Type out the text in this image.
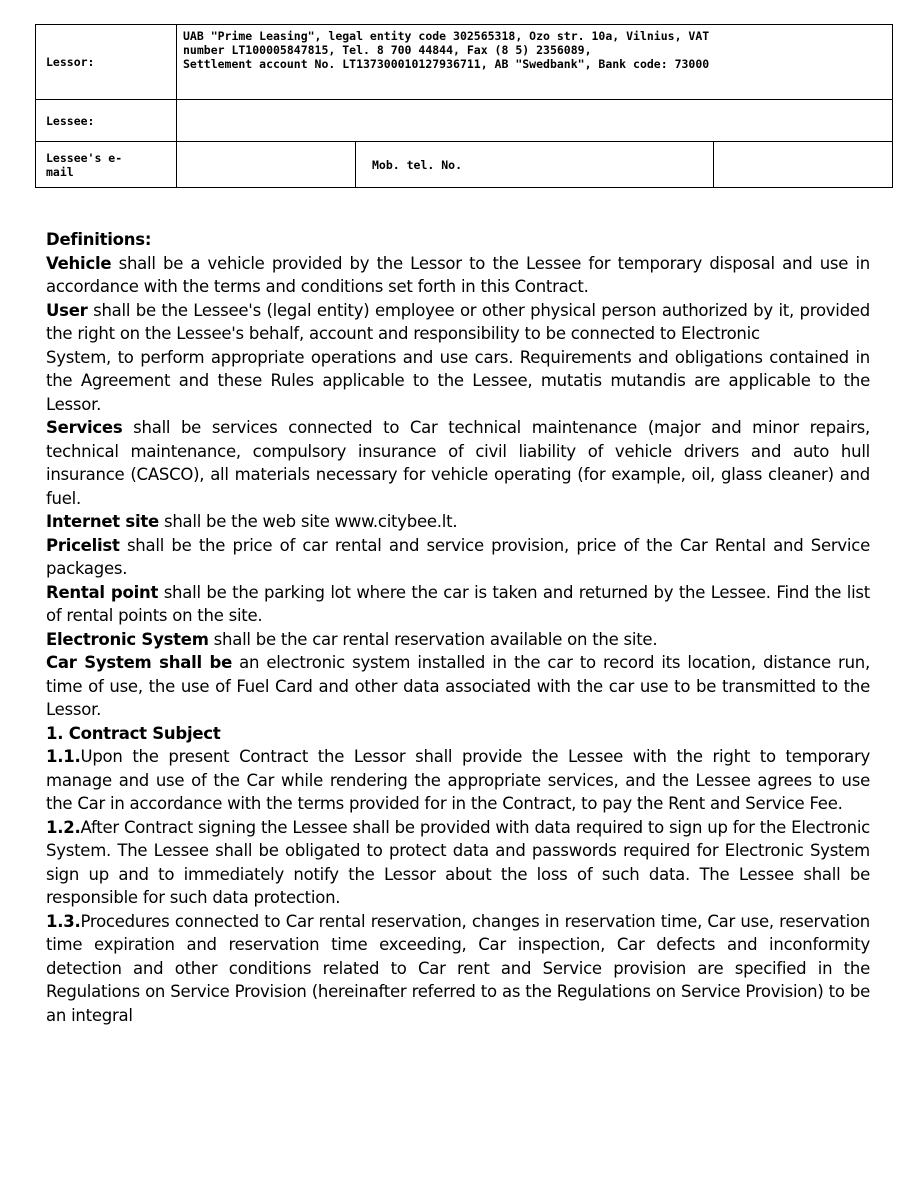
Lessor:	UAB "Prime Leasing", legal entity code 302565318, Ozo str. 10a, Vilnius, VAT
number LT100005847815, Tel. 8 700 44844, Fax (8 5) 2356089,
Settlement account No. LT137300010127936711, AB "Swedbank", Bank code: 73000		

Lessee:			

Lessee's e-
mail		Mob. tel. No.	

Definitions:

Vehicle shall be a vehicle provided by the Lessor to the Lessee for temporary disposal and use in accordance with the terms and conditions set forth in this Contract.

User shall be the Lessee's (legal entity) employee or other physical person authorized by it, provided the right on the Lessee's behalf, account and responsibility to be connected to Electronic

System, to perform appropriate operations and use cars. Requirements and obligations contained in the Agreement and these Rules applicable to the Lessee, mutatis mutandis are applicable to the Lessor.

Services shall be services connected to Car technical maintenance (major and minor repairs, technical maintenance, compulsory insurance of civil liability of vehicle drivers and auto hull insurance (CASCO), all materials necessary for vehicle operating (for example, oil, glass cleaner) and fuel.

Internet site shall be the web site www.citybee.lt.

Pricelist shall be the price of car rental and service provision, price of the Car Rental and Service packages.

Rental point shall be the parking lot where the car is taken and returned by the Lessee. Find the list of rental points on the site.

Electronic System shall be the car rental reservation available on the site.

Car System shall be an electronic system installed in the car to record its location, distance run, time of use, the use of Fuel Card and other data associated with the car use to be transmitted to the Lessor.

1. Contract Subject

1.1.Upon the present Contract the Lessor shall provide the Lessee with the right to temporary manage and use of the Car while rendering the appropriate services, and the Lessee agrees to use the Car in accordance with the terms provided for in the Contract, to pay the Rent and Service Fee.

1.2.After Contract signing the Lessee shall be provided with data required to sign up for the Electronic System. The Lessee shall be obligated to protect data and passwords required for Electronic System sign up and to immediately notify the Lessor about the loss of such data. The Lessee shall be responsible for such data protection.

1.3.Procedures connected to Car rental reservation, changes in reservation time, Car use, reservation time expiration and reservation time exceeding, Car inspection, Car defects and inconformity detection and other conditions related to Car rent and Service provision are specified in the Regulations on Service Provision (hereinafter referred to as the Regulations on Service Provision) to be an integral
